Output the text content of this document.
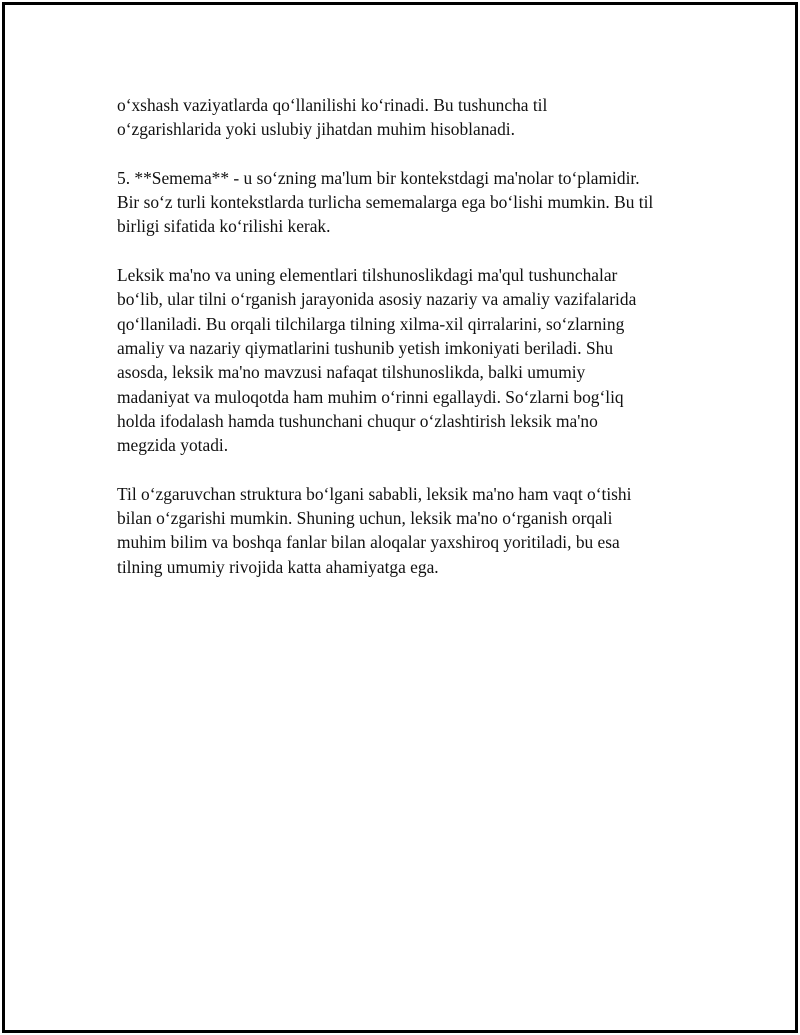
o‘xshash vaziyatlarda qo‘llanilishi ko‘rinadi. Bu tushuncha til
o‘zgarishlarida yoki uslubiy jihatdan muhim hisoblanadi.

5. **Semema** - u so‘zning ma'lum bir kontekstdagi ma'nolar to‘plamidir.
Bir so‘z turli kontekstlarda turlicha sememalarga ega bo‘lishi mumkin. Bu til
birligi sifatida ko‘rilishi kerak.

Leksik ma'no va uning elementlari tilshunoslikdagi ma'qul tushunchalar
bo‘lib, ular tilni o‘rganish jarayonida asosiy nazariy va amaliy vazifalarida
qo‘llaniladi. Bu orqali tilchilarga tilning xilma-xil qirralarini, so‘zlarning
amaliy va nazariy qiymatlarini tushunib yetish imkoniyati beriladi. Shu
asosda, leksik ma'no mavzusi nafaqat tilshunoslikda, balki umumiy
madaniyat va muloqotda ham muhim o‘rinni egallaydi. So‘zlarni bog‘liq
holda ifodalash hamda tushunchani chuqur o‘zlashtirish leksik ma'no
megzida yotadi.

Til o‘zgaruvchan struktura bo‘lgani sababli, leksik ma'no ham vaqt o‘tishi
bilan o‘zgarishi mumkin. Shuning uchun, leksik ma'no o‘rganish orqali
muhim bilim va boshqa fanlar bilan aloqalar yaxshiroq yoritiladi, bu esa
tilning umumiy rivojida katta ahamiyatga ega.
